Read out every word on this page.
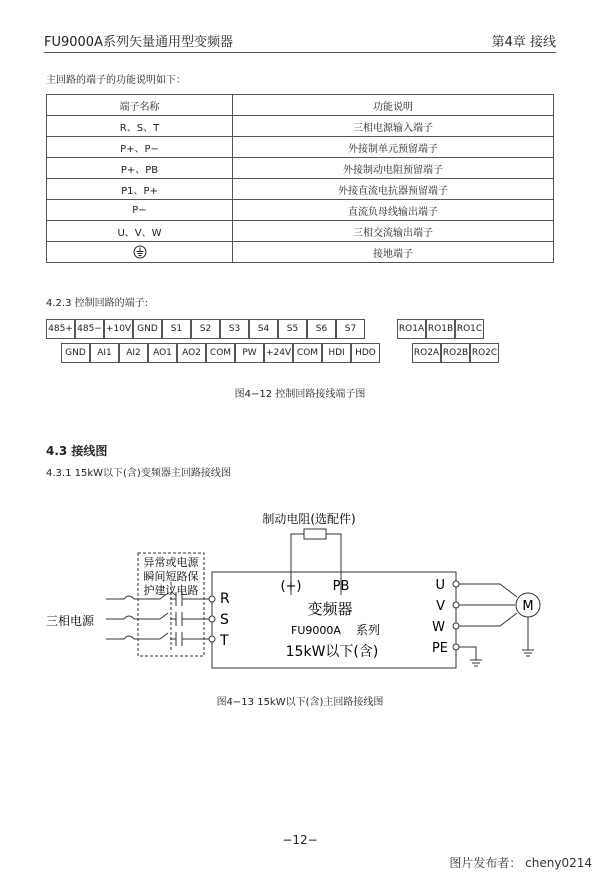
FU9000A系列矢量通用型变频器	第4章 接线
主回路的端子的功能说明如下：
端子名称	功能说明
R、S、T	三相电源输入端子
P+、P−	外接制单元预留端子
P+、PB	外接制动电阻预留端子
P1、P+	外接直流电抗器预留端子
P−	直流负母线输出端子
U、V、W	三相交流输出端子
	接地端子
4.2.3 控制回路的端子:
485+ 485− +10V GND	S1	S2	S3	S4	S5	S6	S7
GND	AI1	AI2	AO1	AO2	COM	PW	+24V COM	HDI	HDO
RO1A RO1B RO1C
RO2A RO2B RO2C
图4−12 控制回路接线端子图
4.3 接线图
4.3.1 15kW以下(含)变频器主回路接线图
M
制动电阻(选配件)
(+) PB
异常或电源
瞬间短路保
护建议电路
三相电源
R
S
T
U
V
W
PE
变频器
FU9000A 系列
15kW以下(含)
图4−13 15kW以下(含)主回路接线图
−12−
图片发布者： cheny0214
